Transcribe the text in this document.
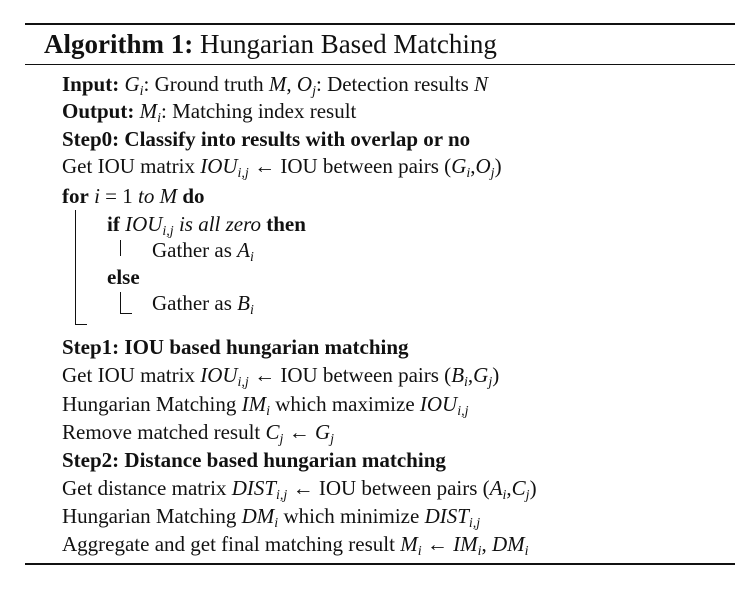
Algorithm 1: Hungarian Based Matching
Input: $G_i$: Ground truth M, $O_j$: Detection results N
Output: $M_i$: Matching index result
Step0: Classify into results with overlap or no
Get IOU matrix $IOU_{i,j}$ ← IOU between pairs $(G_i,O_j)$
for i = 1 to M do
if $IOU_{i,j}$ is all zero then
Gather as $A_i$
else
Gather as $B_i$
Step1: IOU based hungarian matching
Get IOU matrix $IOU_{i,j}$ ← IOU between pairs $(B_i,G_j)$
Hungarian Matching $IM_i$ which maximize $IOU_{i,j}$
Remove matched result $C_j$ ← $G_j$
Step2: Distance based hungarian matching
Get distance matrix $DIST_{i,j}$ ← IOU between pairs $(A_i,C_j)$
Hungarian Matching $DM_i$ which minimize $DIST_{i,j}$
Aggregate and get final matching result $M_i$ ← $IM_i$, $DM_i$
